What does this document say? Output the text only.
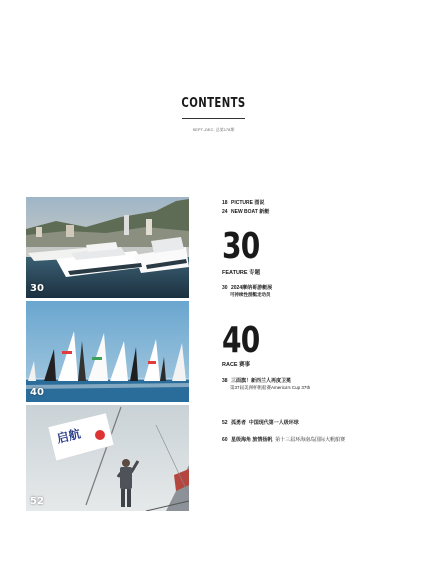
CONTENTS
SEPT.-DEC. 总第178期
30
40
启航
52
18 PICTURE 图说
24 NEW BOAT 新艇
30
FEATURE 专题
30 2024摩纳哥游艇展
可持续性游艇走动员
40
RACE 赛事
38 三面旗！新西兰人再度卫冕
第37届美洲杯帆船赛America’s Cup 37th
52 孤勇者 中国现代第一人级环球
60 星级海角 旅情扬帆 第十三届环海南岛国际大帆船赛
